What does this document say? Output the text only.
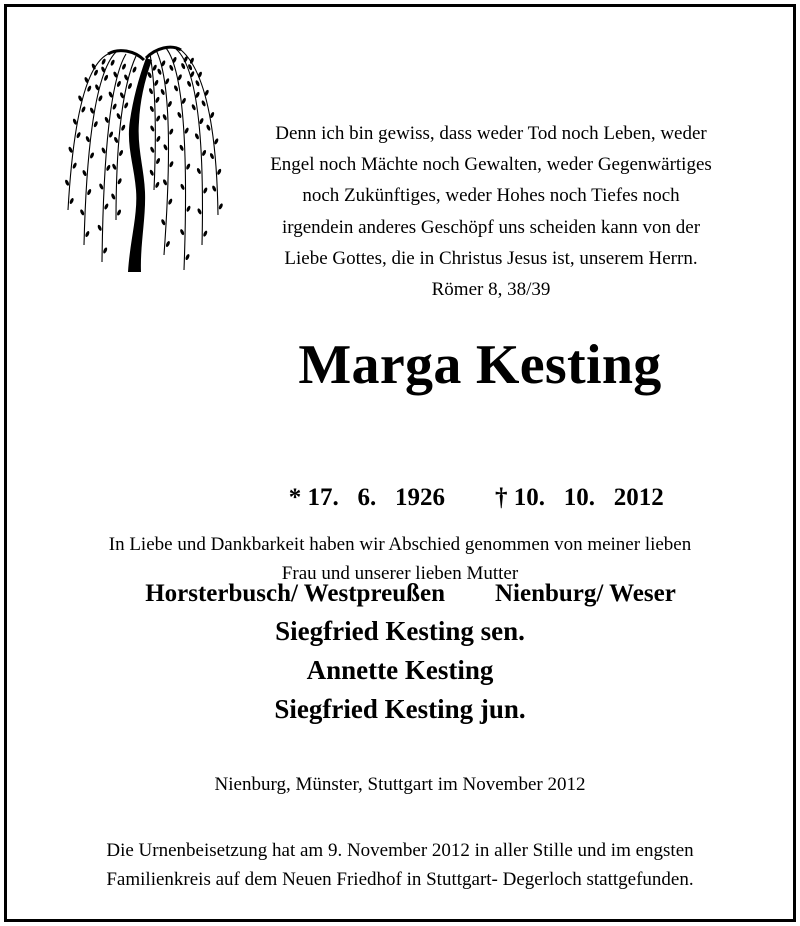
Denn ich bin gewiss, dass weder Tod noch Leben, weder
Engel noch Mächte noch Gewalten, weder Gegenwärtiges
noch Zukünftiges, weder Hohes noch Tiefes noch
irgendein anderes Geschöpf uns scheiden kann von der
Liebe Gottes, die in Christus Jesus ist, unserem Herrn.
Römer 8, 38/39
Marga Kesting

* 17.   6.   1926

Horsterbusch/ Westpreußen

† 10.   10.   2012

Nienburg/ Weser

In Liebe und Dankbarkeit haben wir Abschied genommen von meiner lieben
Frau und unserer lieben Mutter
Siegfried Kesting sen.
Annette Kesting
Siegfried Kesting jun.
Nienburg, Münster, Stuttgart im November 2012
Die Urnenbeisetzung hat am 9. November 2012 in aller Stille und im engsten
Familienkreis auf dem Neuen Friedhof in Stuttgart- Degerloch stattgefunden.
